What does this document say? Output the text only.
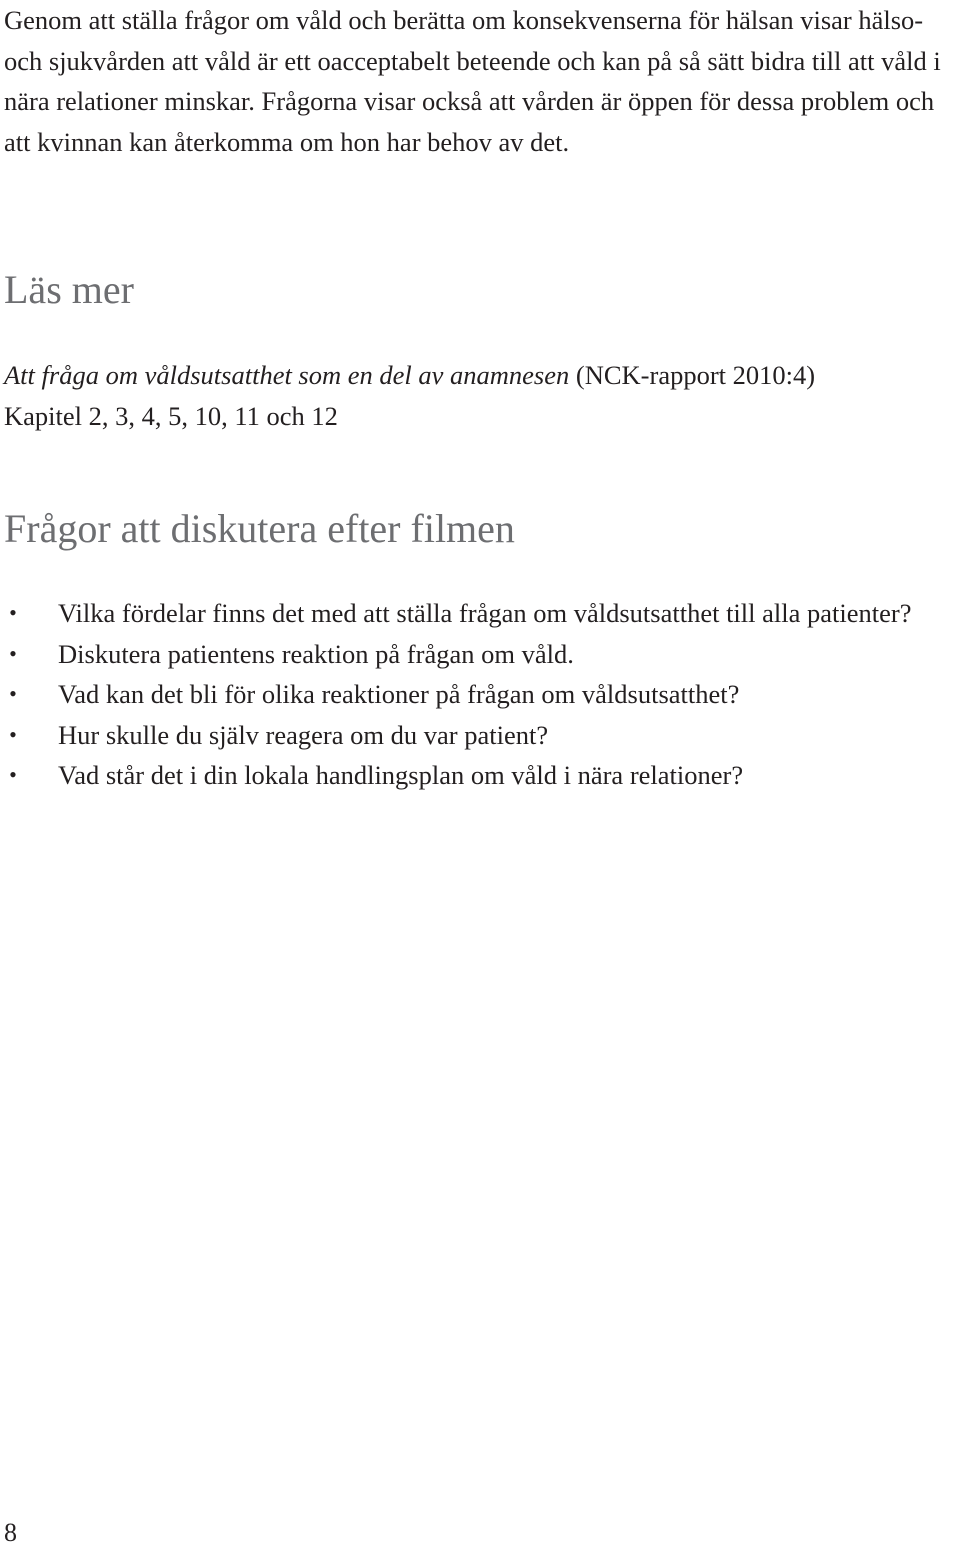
Genom att ställa frågor om våld och berätta om konsekvenserna för hälsan visar hälso- och sjukvården att våld är ett oacceptabelt beteende och kan på så sätt bidra till att våld i nära relationer minskar. Frågorna visar också att vården är öppen för dessa problem och att kvinnan kan återkomma om hon har behov av det.

Läs mer

Att fråga om våldsutsatthet som en del av anamnesen (NCK-rapport 2010:4)
Kapitel 2, 3, 4, 5, 10, 11 och 12

Frågor att diskutera efter filmen
• Vilka fördelar finns det med att ställa frågan om våldsutsatthet till alla patienter?
• Diskutera patientens reaktion på frågan om våld.
• Vad kan det bli för olika reaktioner på frågan om våldsutsatthet?
• Hur skulle du själv reagera om du var patient?
• Vad står det i din lokala handlingsplan om våld i nära relationer?

8
